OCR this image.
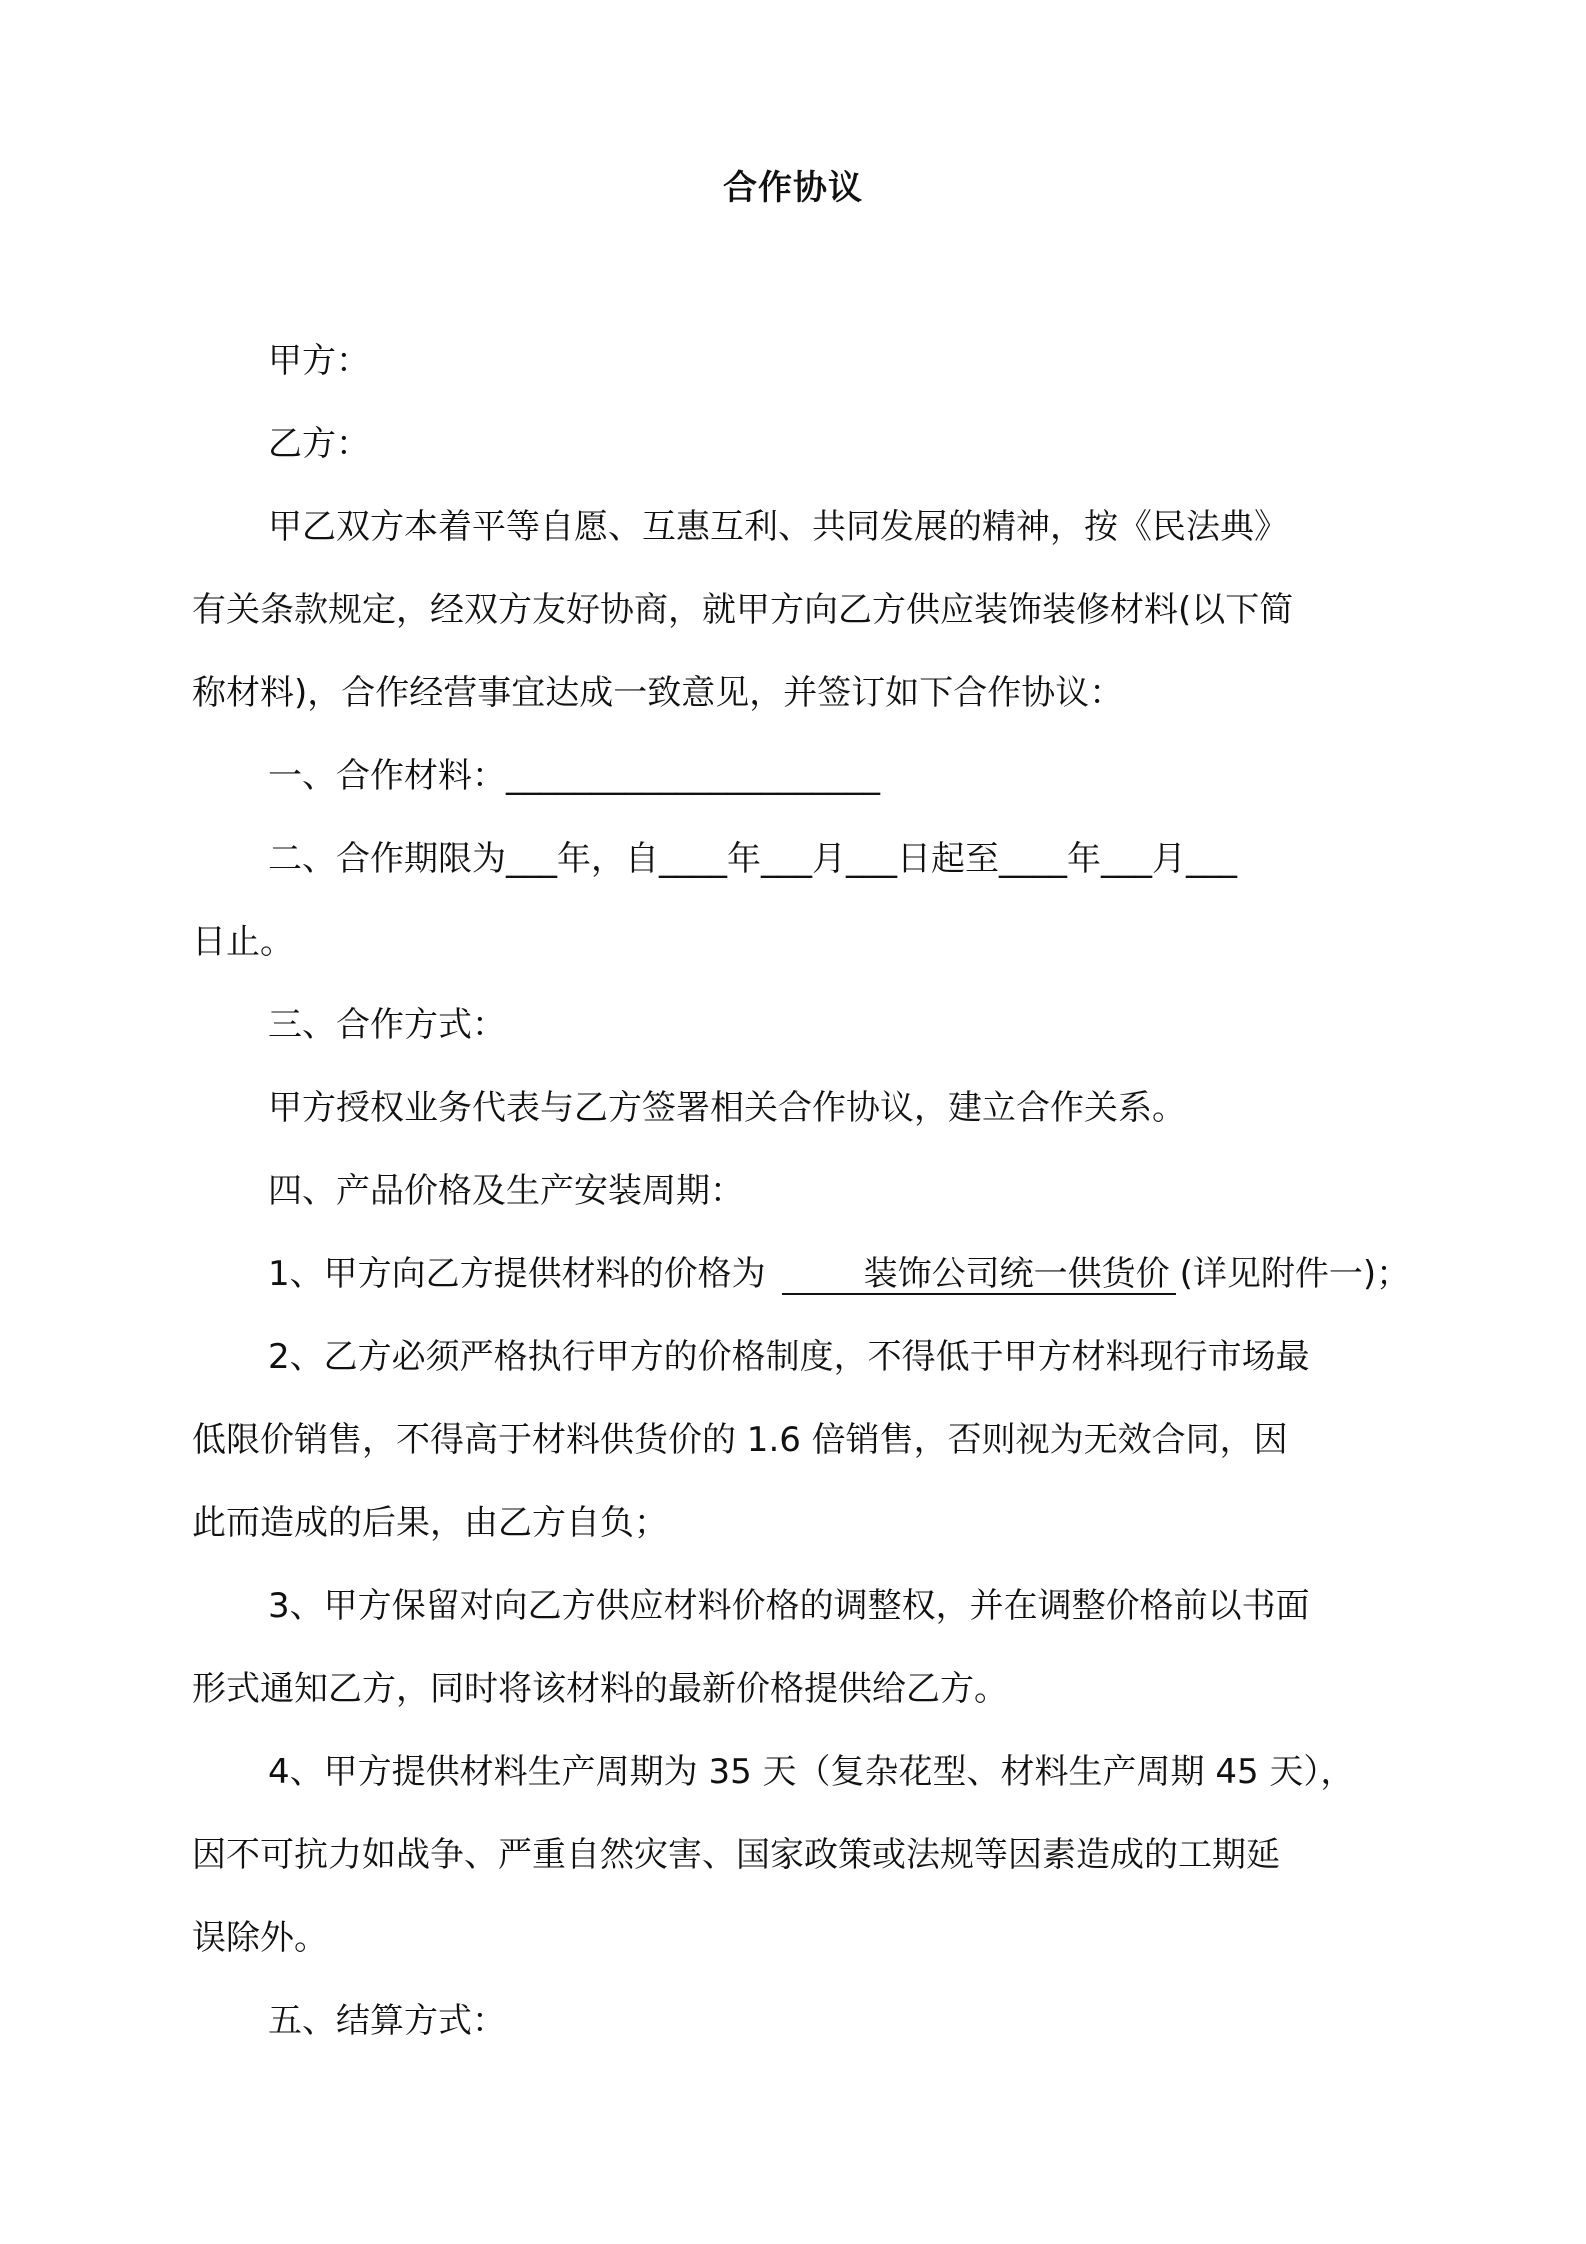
合作协议

甲方：

乙方：

甲乙双方本着平等自愿、互惠互利、共同发展的精神，按《民法典》

有关条款规定，经双方友好协商，就甲方向乙方供应装饰装修材料(以下简

称材料)，合作经营事宜达成一致意见，并签订如下合作协议：

一、合作材料：______________________

二、合作期限为___年，自____年___月___日起至____年___月___

日止。

三、合作方式：

甲方授权业务代表与乙方签署相关合作协议，建立合作关系。

四、产品价格及生产安装周期：

1、甲方向乙方提供材料的价格为	装饰公司统一供货价 (详见附件一)；

2、乙方必须严格执行甲方的价格制度，不得低于甲方材料现行市场最

低限价销售，不得高于材料供货价的 1.6 倍销售，否则视为无效合同，因

此而造成的后果，由乙方自负；

3、甲方保留对向乙方供应材料价格的调整权，并在调整价格前以书面

形式通知乙方，同时将该材料的最新价格提供给乙方。

4、甲方提供材料生产周期为 35 天（复杂花型、材料生产周期 45 天），

因不可抗力如战争、严重自然灾害、国家政策或法规等因素造成的工期延

误除外。

五、结算方式：
